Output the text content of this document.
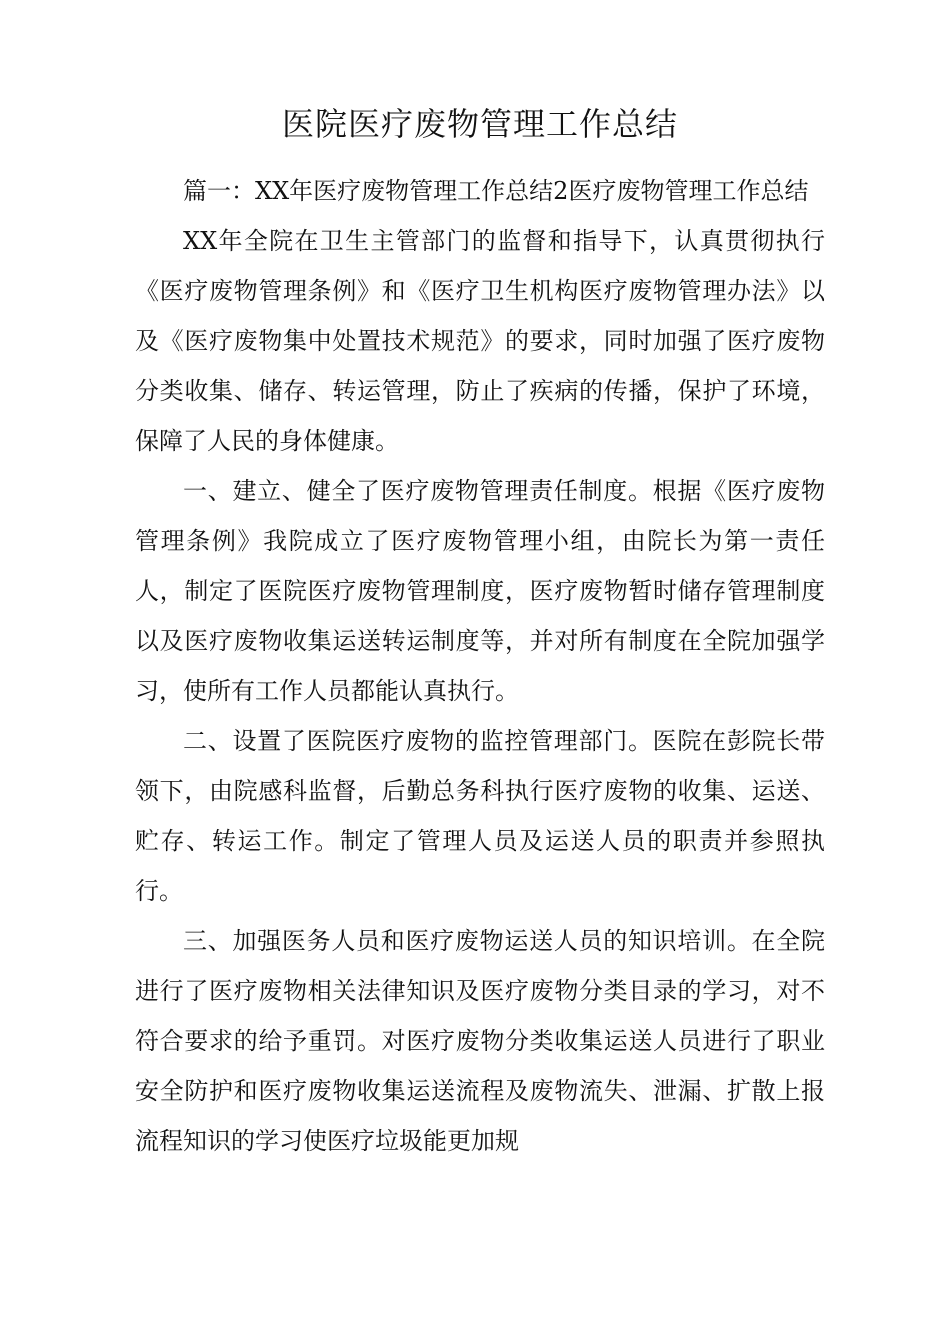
医院医疗废物管理工作总结

篇一：XX年医疗废物管理工作总结2医疗废物管理工作总结

XX年全院在卫生主管部门的监督和指导下，认真贯彻执行《医疗废物管理条例》和《医疗卫生机构医疗废物管理办法》以及《医疗废物集中处置技术规范》的要求，同时加强了医疗废物分类收集、储存、转运管理，防止了疾病的传播，保护了环境，保障了人民的身体健康。

一、建立、健全了医疗废物管理责任制度。根据《医疗废物管理条例》我院成立了医疗废物管理小组，由院长为第一责任人，制定了医院医疗废物管理制度，医疗废物暂时储存管理制度以及医疗废物收集运送转运制度等，并对所有制度在全院加强学习，使所有工作人员都能认真执行。

二、设置了医院医疗废物的监控管理部门。医院在彭院长带领下，由院感科监督，后勤总务科执行医疗废物的收集、运送、贮存、转运工作。制定了管理人员及运送人员的职责并参照执行。

三、加强医务人员和医疗废物运送人员的知识培训。在全院进行了医疗废物相关法律知识及医疗废物分类目录的学习，对不符合要求的给予重罚。对医疗废物分类收集运送人员进行了职业安全防护和医疗废物收集运送流程及废物流失、泄漏、扩散上报流程知识的学习使医疗垃圾能更加规
